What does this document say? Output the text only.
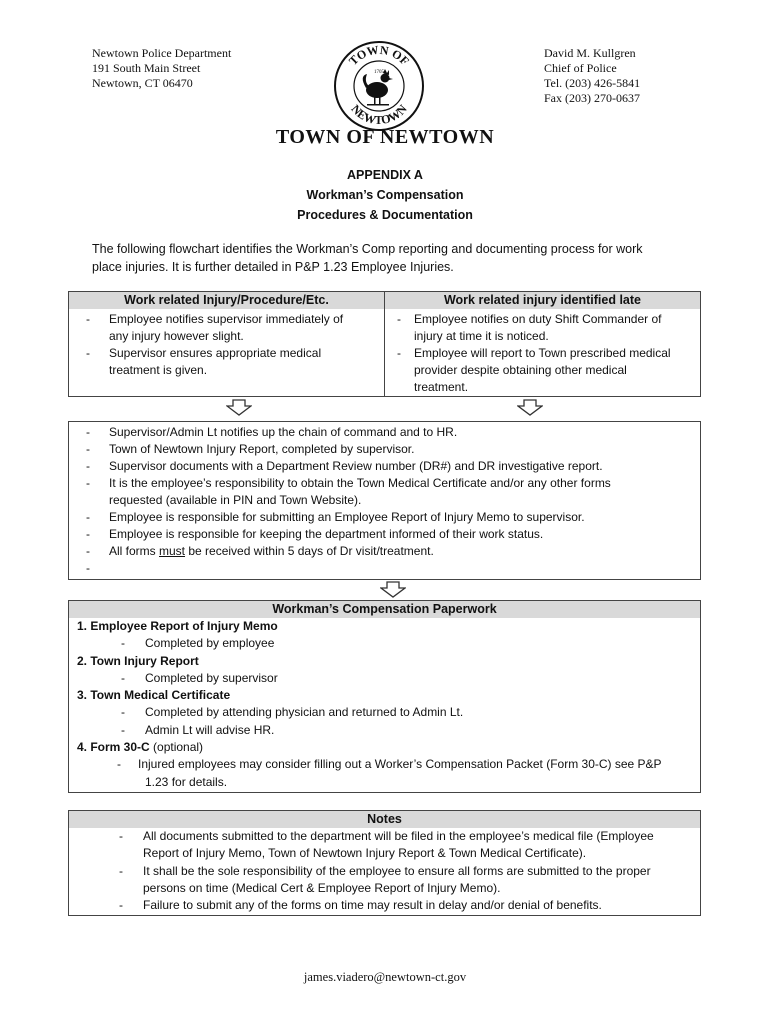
Newtown Police Department
191 South Main Street
Newtown, CT 06470
David M. Kullgren
Chief of Police
Tel. (203) 426-5841
Fax (203) 270-0637
TOWN OF
NEWTOWN
1705
TOWN OF NEWTOWN
APPENDIX A
Workman’s Compensation
Procedures & Documentation
The following flowchart identifies the Workman’s Comp reporting and documenting process for work
place injuries. It is further detailed in P&P 1.23 Employee Injuries.
Work related Injury/Procedure/Etc.
- Employee notifies supervisor immediately of
any injury however slight.
- Supervisor ensures appropriate medical
treatment is given.
Work related injury identified late
- Employee notifies on duty Shift Commander of
injury at time it is noticed.
- Employee will report to Town prescribed medical
provider despite obtaining other medical
treatment.
- Supervisor/Admin Lt notifies up the chain of command and to HR.
- Town of Newtown Injury Report, completed by supervisor.
- Supervisor documents with a Department Review number (DR#) and DR investigative report.
- It is the employee’s responsibility to obtain the Town Medical Certificate and/or any other forms
requested (available in PIN and Town Website).
- Employee is responsible for submitting an Employee Report of Injury Memo to supervisor.
- Employee is responsible for keeping the department informed of their work status.
- All forms must be received within 5 days of Dr visit/treatment.
-
Workman’s Compensation Paperwork
1. Employee Report of Injury Memo
- Completed by employee
2. Town Injury Report
- Completed by supervisor
3. Town Medical Certificate
- Completed by attending physician and returned to Admin Lt.
- Admin Lt will advise HR.
4. Form 30-C (optional)
- Injured employees may consider filling out a Worker’s Compensation Packet (Form 30-C) see P&P
1.23 for details.
Notes
- All documents submitted to the department will be filed in the employee’s medical file (Employee
Report of Injury Memo, Town of Newtown Injury Report & Town Medical Certificate).
- It shall be the sole responsibility of the employee to ensure all forms are submitted to the proper
persons on time (Medical Cert & Employee Report of Injury Memo).
- Failure to submit any of the forms on time may result in delay and/or denial of benefits.
james.viadero@newtown-ct.gov
